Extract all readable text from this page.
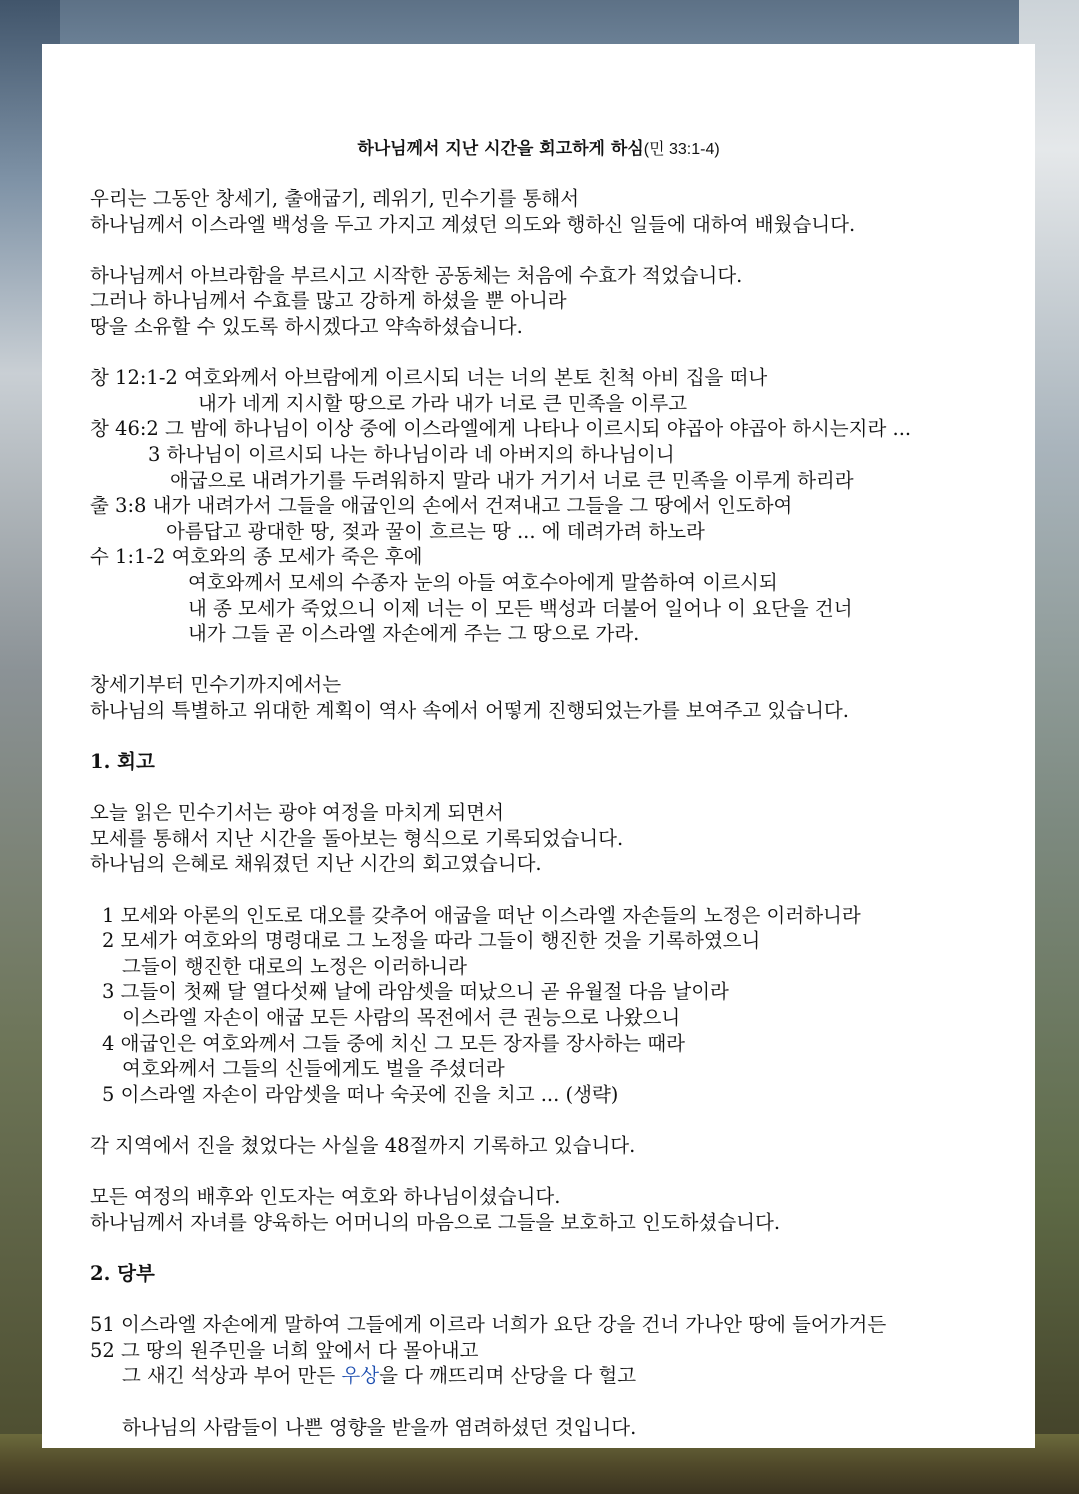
하나님께서 지난 시간을 회고하게 하심(민 33:1-4)
우리는 그동안 창세기, 출애굽기, 레위기, 민수기를 통해서
하나님께서 이스라엘 백성을 두고 가지고 계셨던 의도와 행하신 일들에 대하여 배웠습니다.
하나님께서 아브라함을 부르시고 시작한 공동체는 처음에 수효가 적었습니다.
그러나 하나님께서 수효를 많고 강하게 하셨을 뿐 아니라
땅을 소유할 수 있도록 하시겠다고 약속하셨습니다.
창 12:1-2 여호와께서 아브람에게 이르시되 너는 너의 본토 친척 아비 집을 떠나
내가 네게 지시할 땅으로 가라 내가 너로 큰 민족을 이루고
창 46:2 그 밤에 하나님이 이상 중에 이스라엘에게 나타나 이르시되 야곱아 야곱아 하시는지라 ...
3 하나님이 이르시되 나는 하나님이라 네 아버지의 하나님이니
애굽으로 내려가기를 두려워하지 말라 내가 거기서 너로 큰 민족을 이루게 하리라
출 3:8 내가 내려가서 그들을 애굽인의 손에서 건져내고 그들을 그 땅에서 인도하여
아름답고 광대한 땅, 젖과 꿀이 흐르는 땅 ... 에 데려가려 하노라
수 1:1-2 여호와의 종 모세가 죽은 후에
여호와께서 모세의 수종자 눈의 아들 여호수아에게 말씀하여 이르시되
내 종 모세가 죽었으니 이제 너는 이 모든 백성과 더불어 일어나 이 요단을 건너
내가 그들 곧 이스라엘 자손에게 주는 그 땅으로 가라.
창세기부터 민수기까지에서는
하나님의 특별하고 위대한 계획이 역사 속에서 어떻게 진행되었는가를 보여주고 있습니다.
1. 회고
오늘 읽은 민수기서는 광야 여정을 마치게 되면서
모세를 통해서 지난 시간을 돌아보는 형식으로 기록되었습니다.
하나님의 은혜로 채워졌던 지난 시간의 회고였습니다.
1 모세와 아론의 인도로 대오를 갖추어 애굽을 떠난 이스라엘 자손들의 노정은 이러하니라
2 모세가 여호와의 명령대로 그 노정을 따라 그들이 행진한 것을 기록하였으니
그들이 행진한 대로의 노정은 이러하니라
3 그들이 첫째 달 열다섯째 날에 라암셋을 떠났으니 곧 유월절 다음 날이라
이스라엘 자손이 애굽 모든 사람의 목전에서 큰 권능으로 나왔으니
4 애굽인은 여호와께서 그들 중에 치신 그 모든 장자를 장사하는 때라
여호와께서 그들의 신들에게도 벌을 주셨더라
5 이스라엘 자손이 라암셋을 떠나 숙곳에 진을 치고 ... (생략)
각 지역에서 진을 쳤었다는 사실을 48절까지 기록하고 있습니다.
모든 여정의 배후와 인도자는 여호와 하나님이셨습니다.
하나님께서 자녀를 양육하는 어머니의 마음으로 그들을 보호하고 인도하셨습니다.
2. 당부
51 이스라엘 자손에게 말하여 그들에게 이르라 너희가 요단 강을 건너 가나안 땅에 들어가거든
52 그 땅의 원주민을 너희 앞에서 다 몰아내고
그 새긴 석상과 부어 만든 우상을 다 깨뜨리며 산당을 다 헐고
하나님의 사람들이 나쁜 영향을 받을까 염려하셨던 것입니다.
